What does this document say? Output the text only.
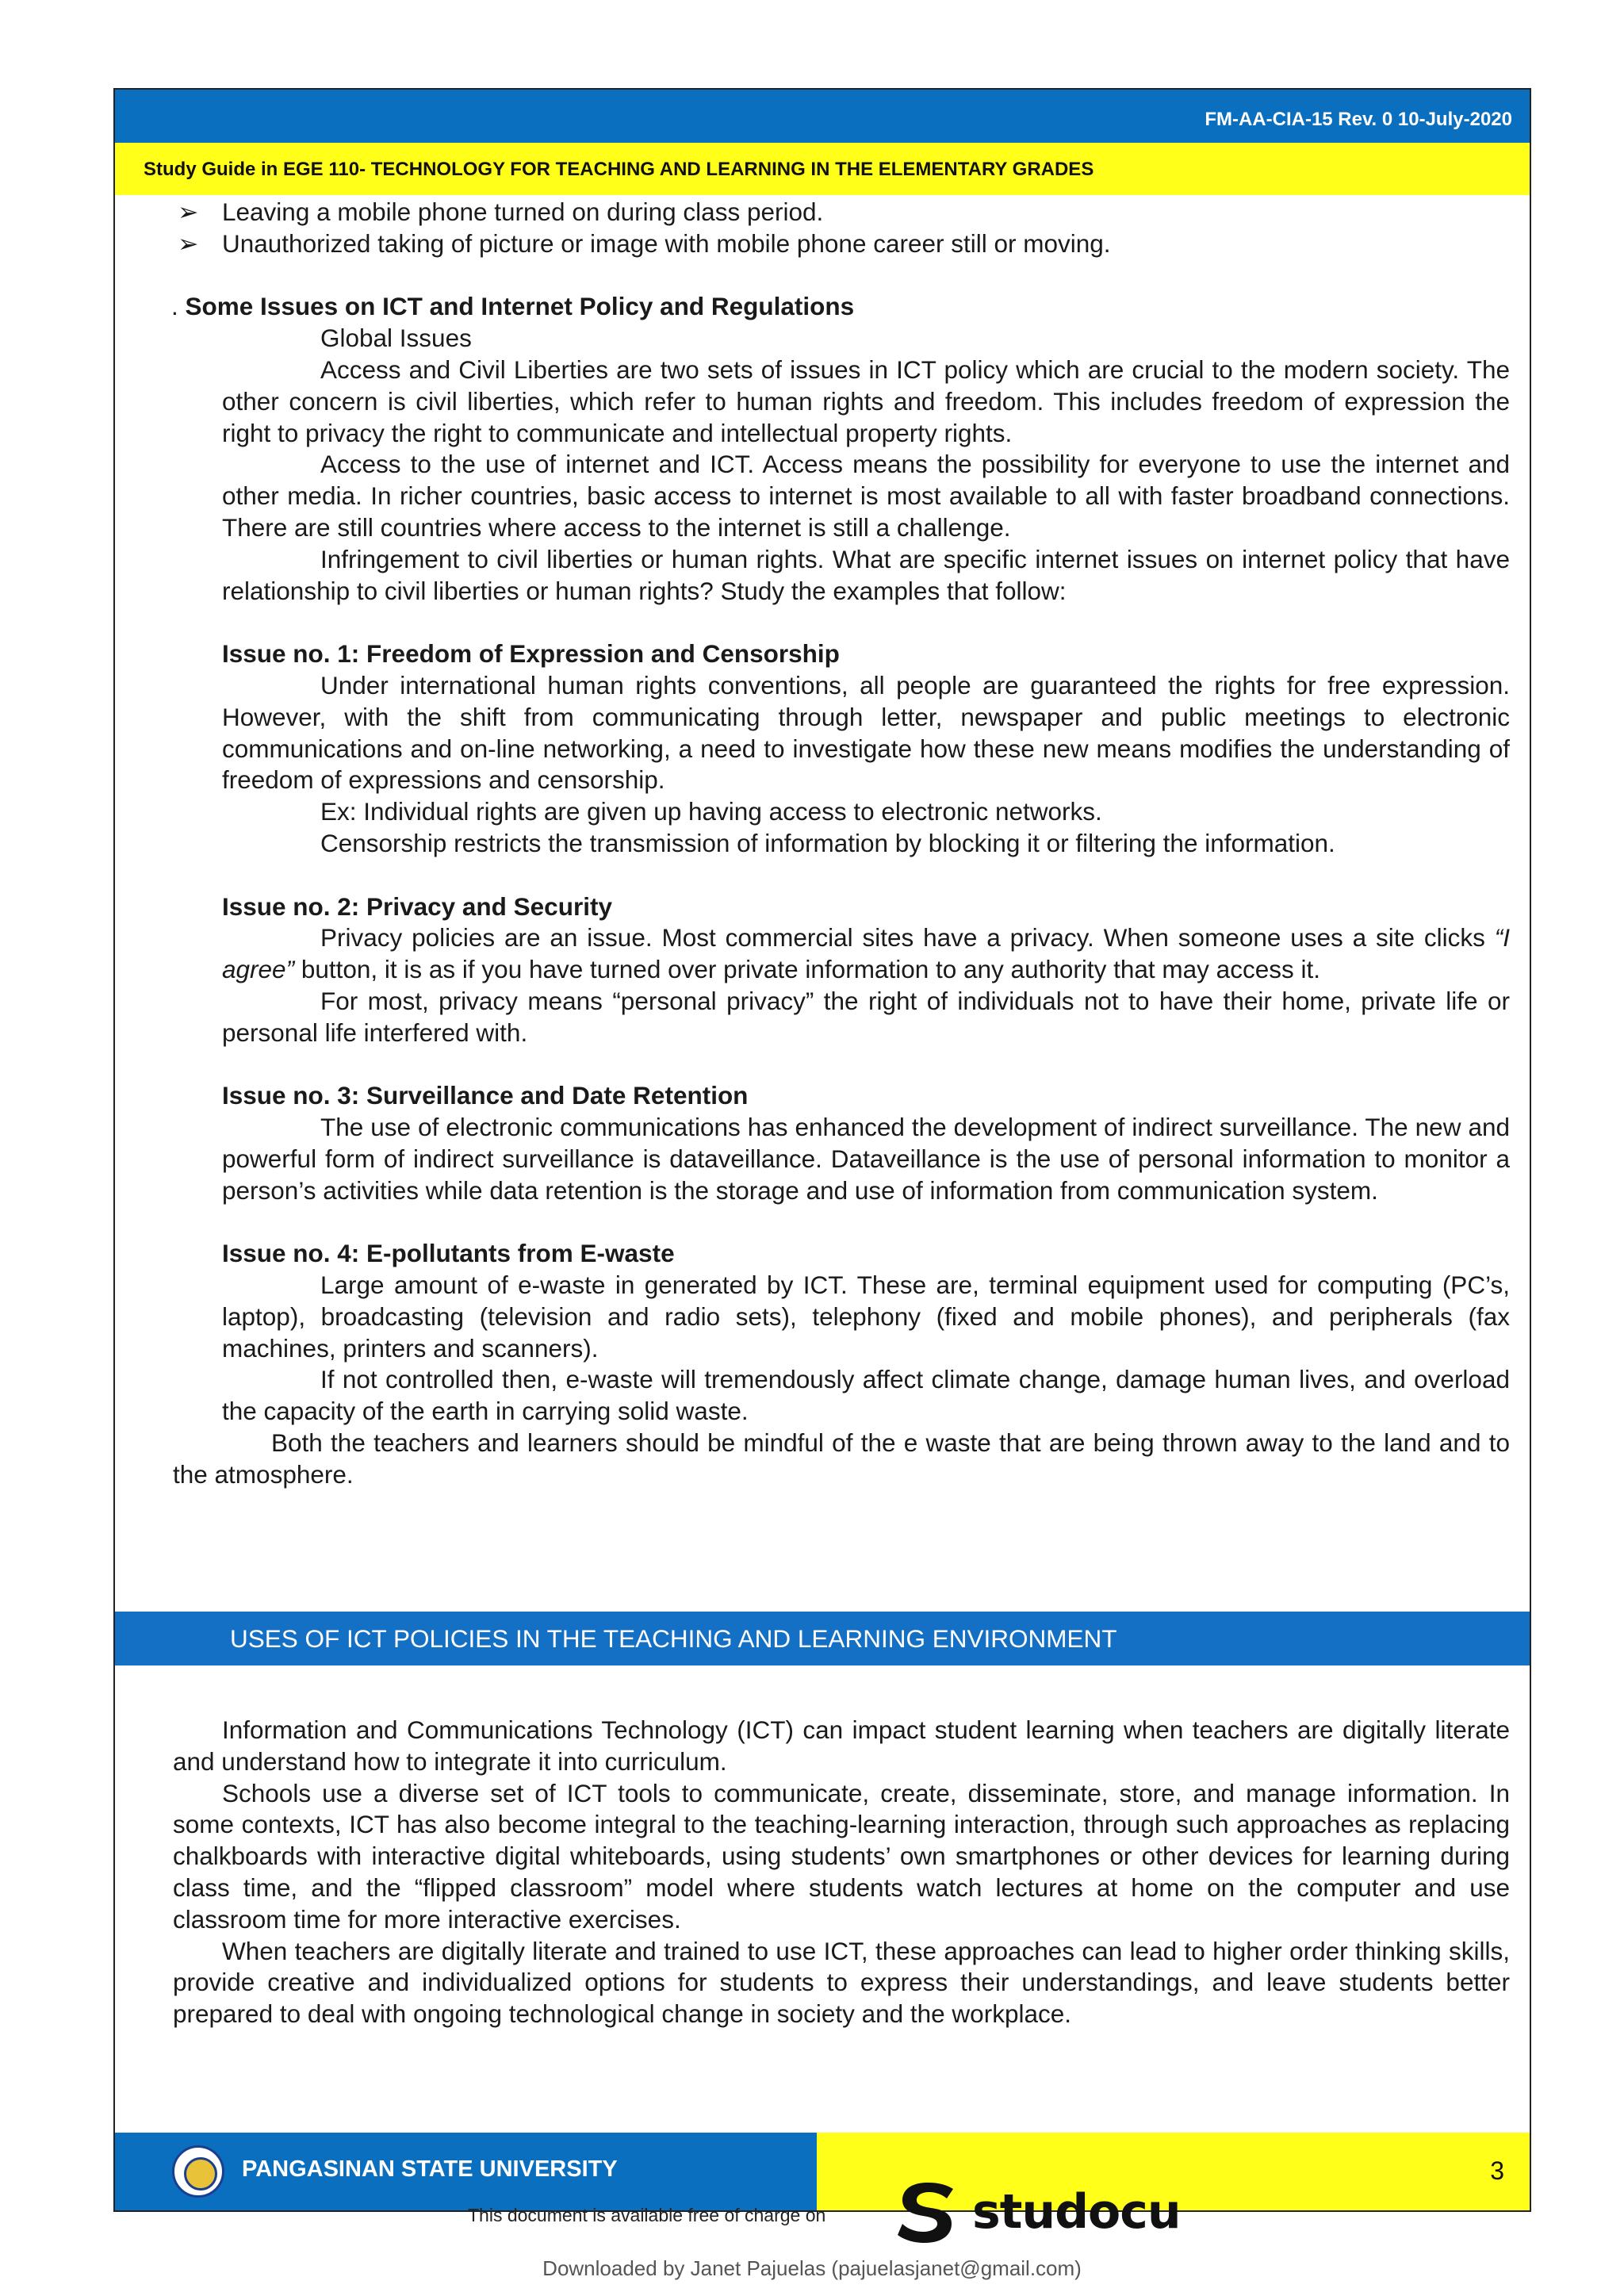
FM-AA-CIA-15 Rev. 0 10-July-2020
Study Guide in EGE 110- TECHNOLOGY FOR TEACHING AND LEARNING IN THE ELEMENTARY GRADES
➢ Leaving a mobile phone turned on during class period.
➢ Unauthorized taking of picture or image with mobile phone career still or moving.

. Some Issues on ICT and Internet Policy and Regulations

Global Issues

Access and Civil Liberties are two sets of issues in ICT policy which are crucial to the modern society. The other concern is civil liberties, which refer to human rights and freedom. This includes freedom of expression the right to privacy the right to communicate and intellectual property rights.

Access to the use of internet and ICT. Access means the possibility for everyone to use the internet and other media. In richer countries, basic access to internet is most available to all with faster broadband connections. There are still countries where access to the internet is still a challenge.

Infringement to civil liberties or human rights. What are specific internet issues on internet policy that have relationship to civil liberties or human rights? Study the examples that follow:

Issue no. 1: Freedom of Expression and Censorship

Under international human rights conventions, all people are guaranteed the rights for free expression. However, with the shift from communicating through letter, newspaper and public meetings to electronic communications and on-line networking, a need to investigate how these new means modifies the understanding of freedom of expressions and censorship.

Ex: Individual rights are given up having access to electronic networks.

Censorship restricts the transmission of information by blocking it or filtering the information.

Issue no. 2: Privacy and Security

Privacy policies are an issue. Most commercial sites have a privacy. When someone uses a site clicks “I agree” button, it is as if you have turned over private information to any authority that may access it.

For most, privacy means “personal privacy” the right of individuals not to have their home, private life or personal life interfered with.

Issue no. 3: Surveillance and Date Retention

The use of electronic communications has enhanced the development of indirect surveillance. The new and powerful form of indirect surveillance is dataveillance. Dataveillance is the use of personal information to monitor a person’s activities while data retention is the storage and use of information from communication system.

Issue no. 4: E-pollutants from E-waste

Large amount of e-waste in generated by ICT. These are, terminal equipment used for computing (PC’s, laptop), broadcasting (television and radio sets), telephony (fixed and mobile phones), and peripherals (fax machines, printers and scanners).

If not controlled then, e-waste will tremendously affect climate change, damage human lives, and overload the capacity of the earth in carrying solid waste.

Both the teachers and learners should be mindful of the e waste that are being thrown away to the land and to the atmosphere.

USES OF ICT POLICIES IN THE TEACHING AND LEARNING ENVIRONMENT

Information and Communications Technology (ICT) can impact student learning when teachers are digitally literate and understand how to integrate it into curriculum.

Schools use a diverse set of ICT tools to communicate, create, disseminate, store, and manage information. In some contexts, ICT has also become integral to the teaching-learning interaction, through such approaches as replacing chalkboards with interactive digital whiteboards, using students’ own smartphones or other devices for learning during class time, and the “flipped classroom” model where students watch lectures at home on the computer and use classroom time for more interactive exercises.

When teachers are digitally literate and trained to use ICT, these approaches can lead to higher order thinking skills, provide creative and individualized options for students to express their understandings, and leave students better prepared to deal with ongoing technological change in society and the workplace.

PANGASINAN STATE UNIVERSITY	3
This document is available free of charge on	studocu
Downloaded by Janet Pajuelas (pajuelasjanet@gmail.com)
